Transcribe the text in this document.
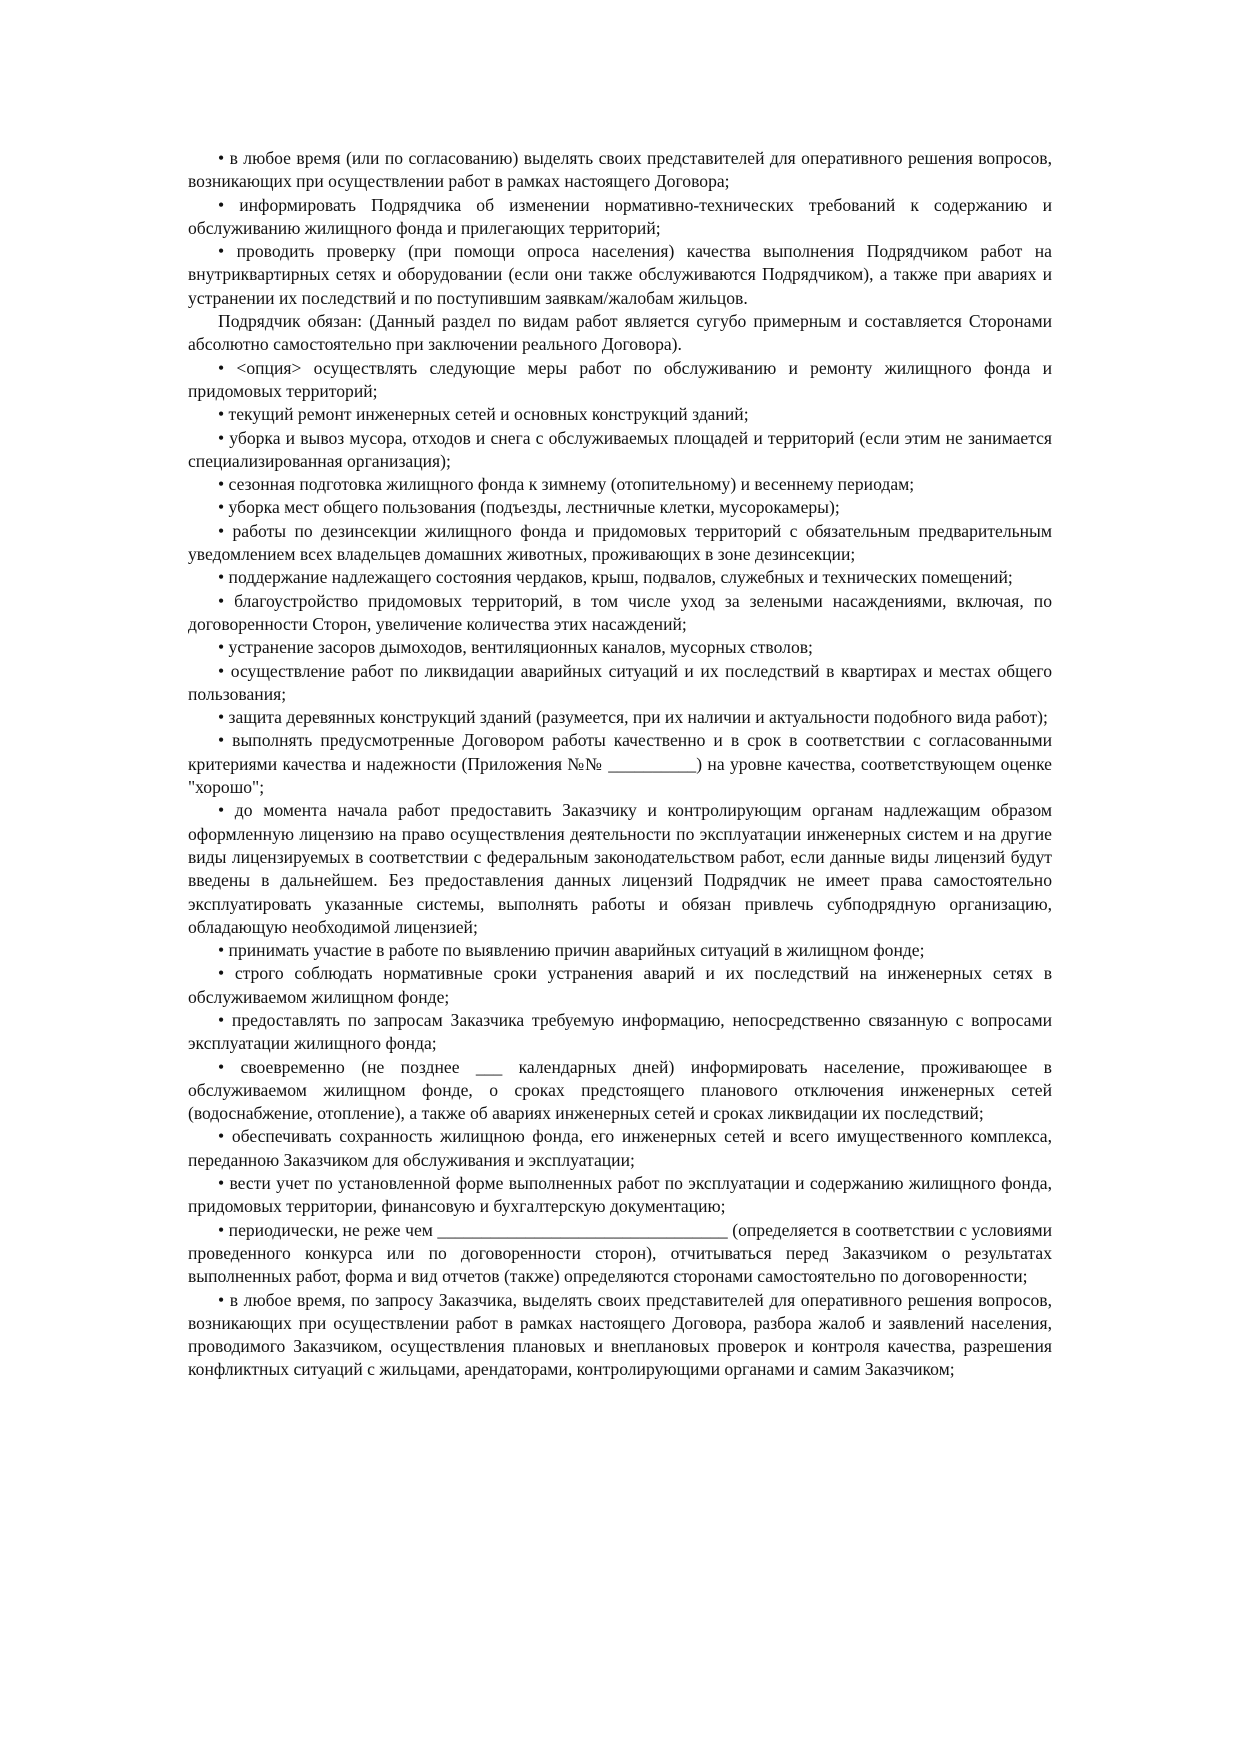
• в любое время (или по согласованию) выделять своих представителей для оперативного решения вопросов, возникающих при осуществлении работ в рамках настоящего Договора;

• информировать Подрядчика об изменении нормативно-технических требований к содержанию и обслуживанию жилищного фонда и прилегающих территорий;

• проводить проверку (при помощи опроса населения) качества выполнения Подрядчиком работ на внутриквартирных сетях и оборудовании (если они также обслуживаются Подрядчиком), а также при авариях и устранении их последствий и по поступившим заявкам/жалобам жильцов.

Подрядчик обязан: (Данный раздел по видам работ является сугубо примерным и составляется Сторонами абсолютно самостоятельно при заключении реального Договора).

• <опция> осуществлять следующие меры работ по обслуживанию и ремонту жилищного фонда и придомовых территорий;

• текущий ремонт инженерных сетей и основных конструкций зданий;

• уборка и вывоз мусора, отходов и снега с обслуживаемых площадей и территорий (если этим не занимается специализированная организация);

• сезонная подготовка жилищного фонда к зимнему (отопительному) и весеннему периодам;

• уборка мест общего пользования (подъезды, лестничные клетки, мусорокамеры);

• работы по дезинсекции жилищного фонда и придомовых территорий с обязательным предварительным уведомлением всех владельцев домашних животных, проживающих в зоне дезинсекции;

• поддержание надлежащего состояния чердаков, крыш, подвалов, служебных и технических помещений;

• благоустройство придомовых территорий, в том числе уход за зелеными насаждениями, включая, по договоренности Сторон, увеличение количества этих насаждений;

• устранение засоров дымоходов, вентиляционных каналов, мусорных стволов;

• осуществление работ по ликвидации аварийных ситуаций и их последствий в квартирах и местах общего пользования;

• защита деревянных конструкций зданий (разумеется, при их наличии и актуальности подобного вида работ);

• выполнять предусмотренные Договором работы качественно и в срок в соответствии с согласованными критериями качества и надежности (Приложения №№ __________) на уровне качества, соответствующем оценке "хорошо";

• до момента начала работ предоставить Заказчику и контролирующим органам надлежащим образом оформленную лицензию на право осуществления деятельности по эксплуатации инженерных систем и на другие виды лицензируемых в соответствии с федеральным законодательством работ, если данные виды лицензий будут введены в дальнейшем. Без предоставления данных лицензий Подрядчик не имеет права самостоятельно эксплуатировать указанные системы, выполнять работы и обязан привлечь субподрядную организацию, обладающую необходимой лицензией;

• принимать участие в работе по выявлению причин аварийных ситуаций в жилищном фонде;

• строго соблюдать нормативные сроки устранения аварий и их последствий на инженерных сетях в обслуживаемом жилищном фонде;

• предоставлять по запросам Заказчика требуемую информацию, непосредственно связанную с вопросами эксплуатации жилищного фонда;

• своевременно (не позднее ___ календарных дней) информировать население, проживающее в обслуживаемом жилищном фонде, о сроках предстоящего планового отключения инженерных сетей (водоснабжение, отопление), а также об авариях инженерных сетей и сроках ликвидации их последствий;

• обеспечивать сохранность жилищною фонда, его инженерных сетей и всего имущественного комплекса, переданною Заказчиком для обслуживания и эксплуатации;

• вести учет по установленной форме выполненных работ по эксплуатации и содержанию жилищного фонда, придомовых территории, финансовую и бухгалтерскую документацию;

• периодически, не реже чем _________________________________ (определяется в соответствии с условиями проведенного конкурса или по договоренности сторон), отчитываться перед Заказчиком о результатах выполненных работ, форма и вид отчетов (также) определяются сторонами самостоятельно по договоренности;

• в любое время, по запросу Заказчика, выделять своих представителей для оперативного решения вопросов, возникающих при осуществлении работ в рамках настоящего Договора, разбора жалоб и заявлений населения, проводимого Заказчиком, осуществления плановых и внеплановых проверок и контроля качества, разрешения конфликтных ситуаций с жильцами, арендаторами, контролирующими органами и самим Заказчиком;
